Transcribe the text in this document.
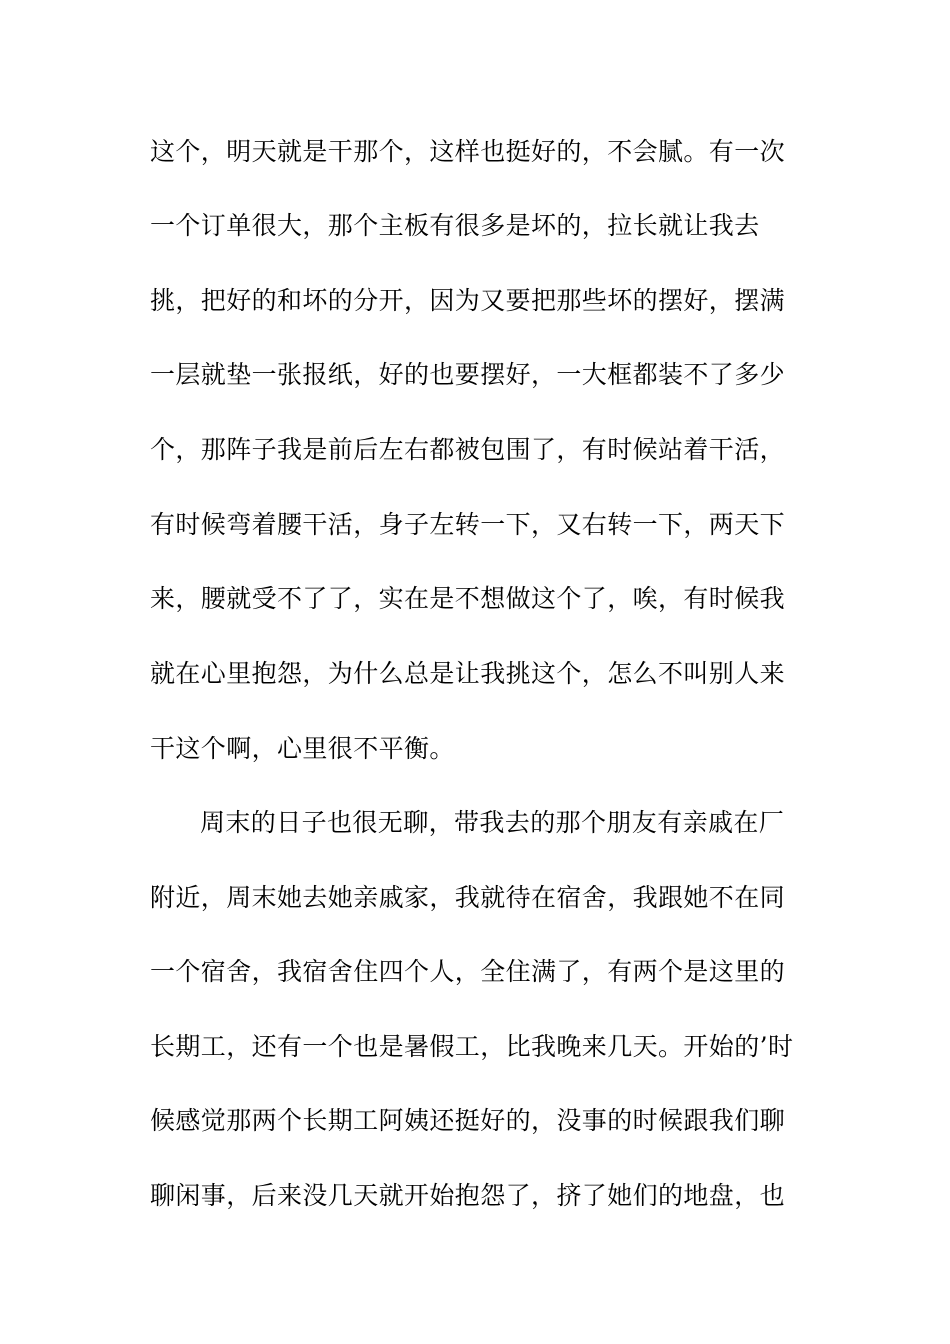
这个，明天就是干那个，这样也挺好的，不会腻。有一次
一个订单很大，那个主板有很多是坏的，拉长就让我去
挑，把好的和坏的分开，因为又要把那些坏的摆好，摆满
一层就垫一张报纸，好的也要摆好，一大框都装不了多少
个，那阵子我是前后左右都被包围了，有时候站着干活，
有时候弯着腰干活，身子左转一下，又右转一下，两天下
来，腰就受不了了，实在是不想做这个了，唉，有时候我
就在心里抱怨，为什么总是让我挑这个，怎么不叫别人来
干这个啊，心里很不平衡。
周末的日子也很无聊，带我去的那个朋友有亲戚在厂
附近，周末她去她亲戚家，我就待在宿舍，我跟她不在同
一个宿舍，我宿舍住四个人，全住满了，有两个是这里的
长期工，还有一个也是暑假工，比我晚来几天。开始的’时
候感觉那两个长期工阿姨还挺好的，没事的时候跟我们聊
聊闲事，后来没几天就开始抱怨了，挤了她们的地盘，也
